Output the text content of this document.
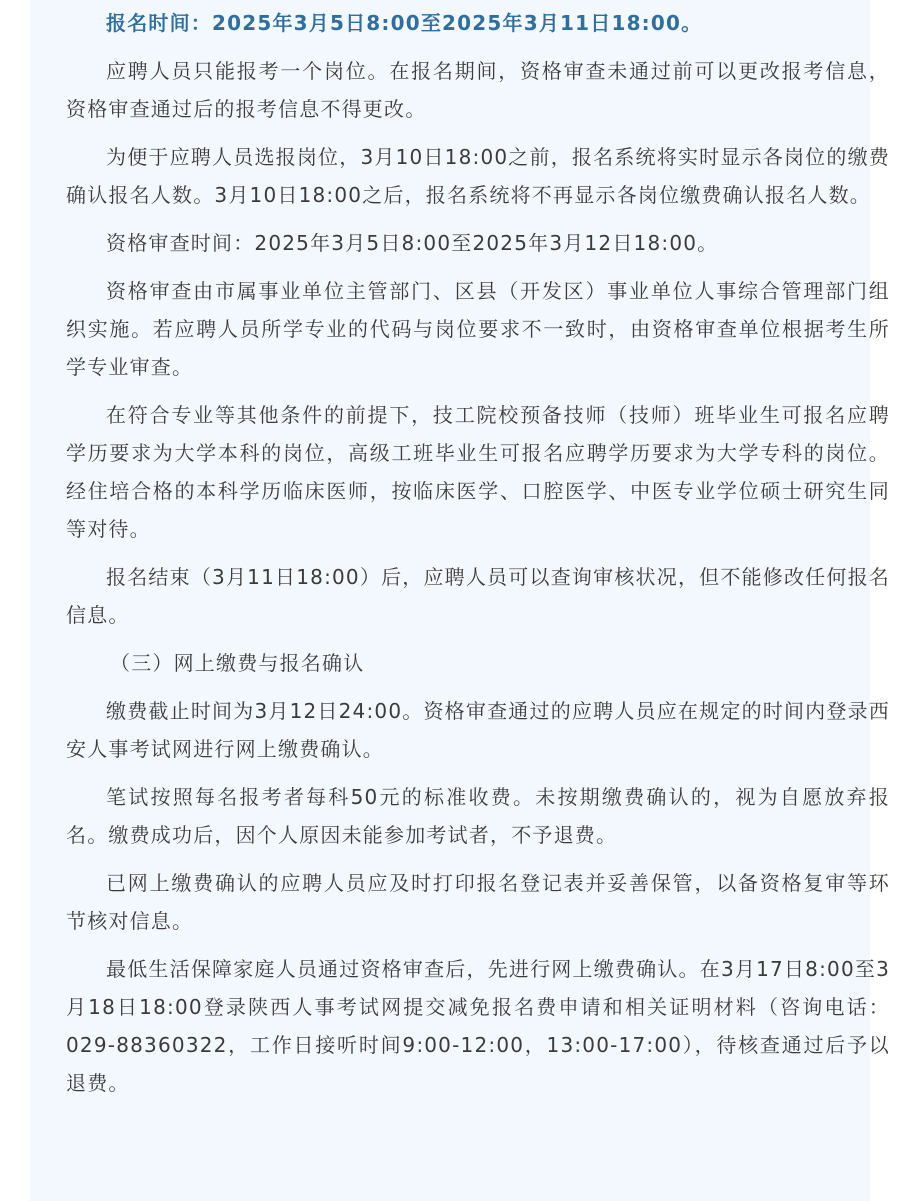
报名时间：2025年3月5日8:00至2025年3月11日18:00。

应聘人员只能报考一个岗位。在报名期间，资格审查未通过前可以更改报考信息，资格审查通过后的报考信息不得更改。

为便于应聘人员选报岗位，3月10日18:00之前，报名系统将实时显示各岗位的缴费确认报名人数。3月10日18:00之后，报名系统将不再显示各岗位缴费确认报名人数。

资格审查时间：2025年3月5日8:00至2025年3月12日18:00。

资格审查由市属事业单位主管部门、区县（开发区）事业单位人事综合管理部门组织实施。若应聘人员所学专业的代码与岗位要求不一致时，由资格审查单位根据考生所学专业审查。

在符合专业等其他条件的前提下，技工院校预备技师（技师）班毕业生可报名应聘学历要求为大学本科的岗位，高级工班毕业生可报名应聘学历要求为大学专科的岗位。经住培合格的本科学历临床医师，按临床医学、口腔医学、中医专业学位硕士研究生同等对待。

报名结束（3月11日18:00）后，应聘人员可以查询审核状况，但不能修改任何报名信息。

（三）网上缴费与报名确认

缴费截止时间为3月12日24:00。资格审查通过的应聘人员应在规定的时间内登录西安人事考试网进行网上缴费确认。

笔试按照每名报考者每科50元的标准收费。未按期缴费确认的，视为自愿放弃报名。缴费成功后，因个人原因未能参加考试者，不予退费。

已网上缴费确认的应聘人员应及时打印报名登记表并妥善保管，以备资格复审等环节核对信息。

最低生活保障家庭人员通过资格审查后，先进行网上缴费确认。在3月17日8:00至3月18日18:00登录陕西人事考试网提交减免报名费申请和相关证明材料（咨询电话：029-88360322，工作日接听时间9:00-12:00，13:00-17:00），待核查通过后予以退费。
